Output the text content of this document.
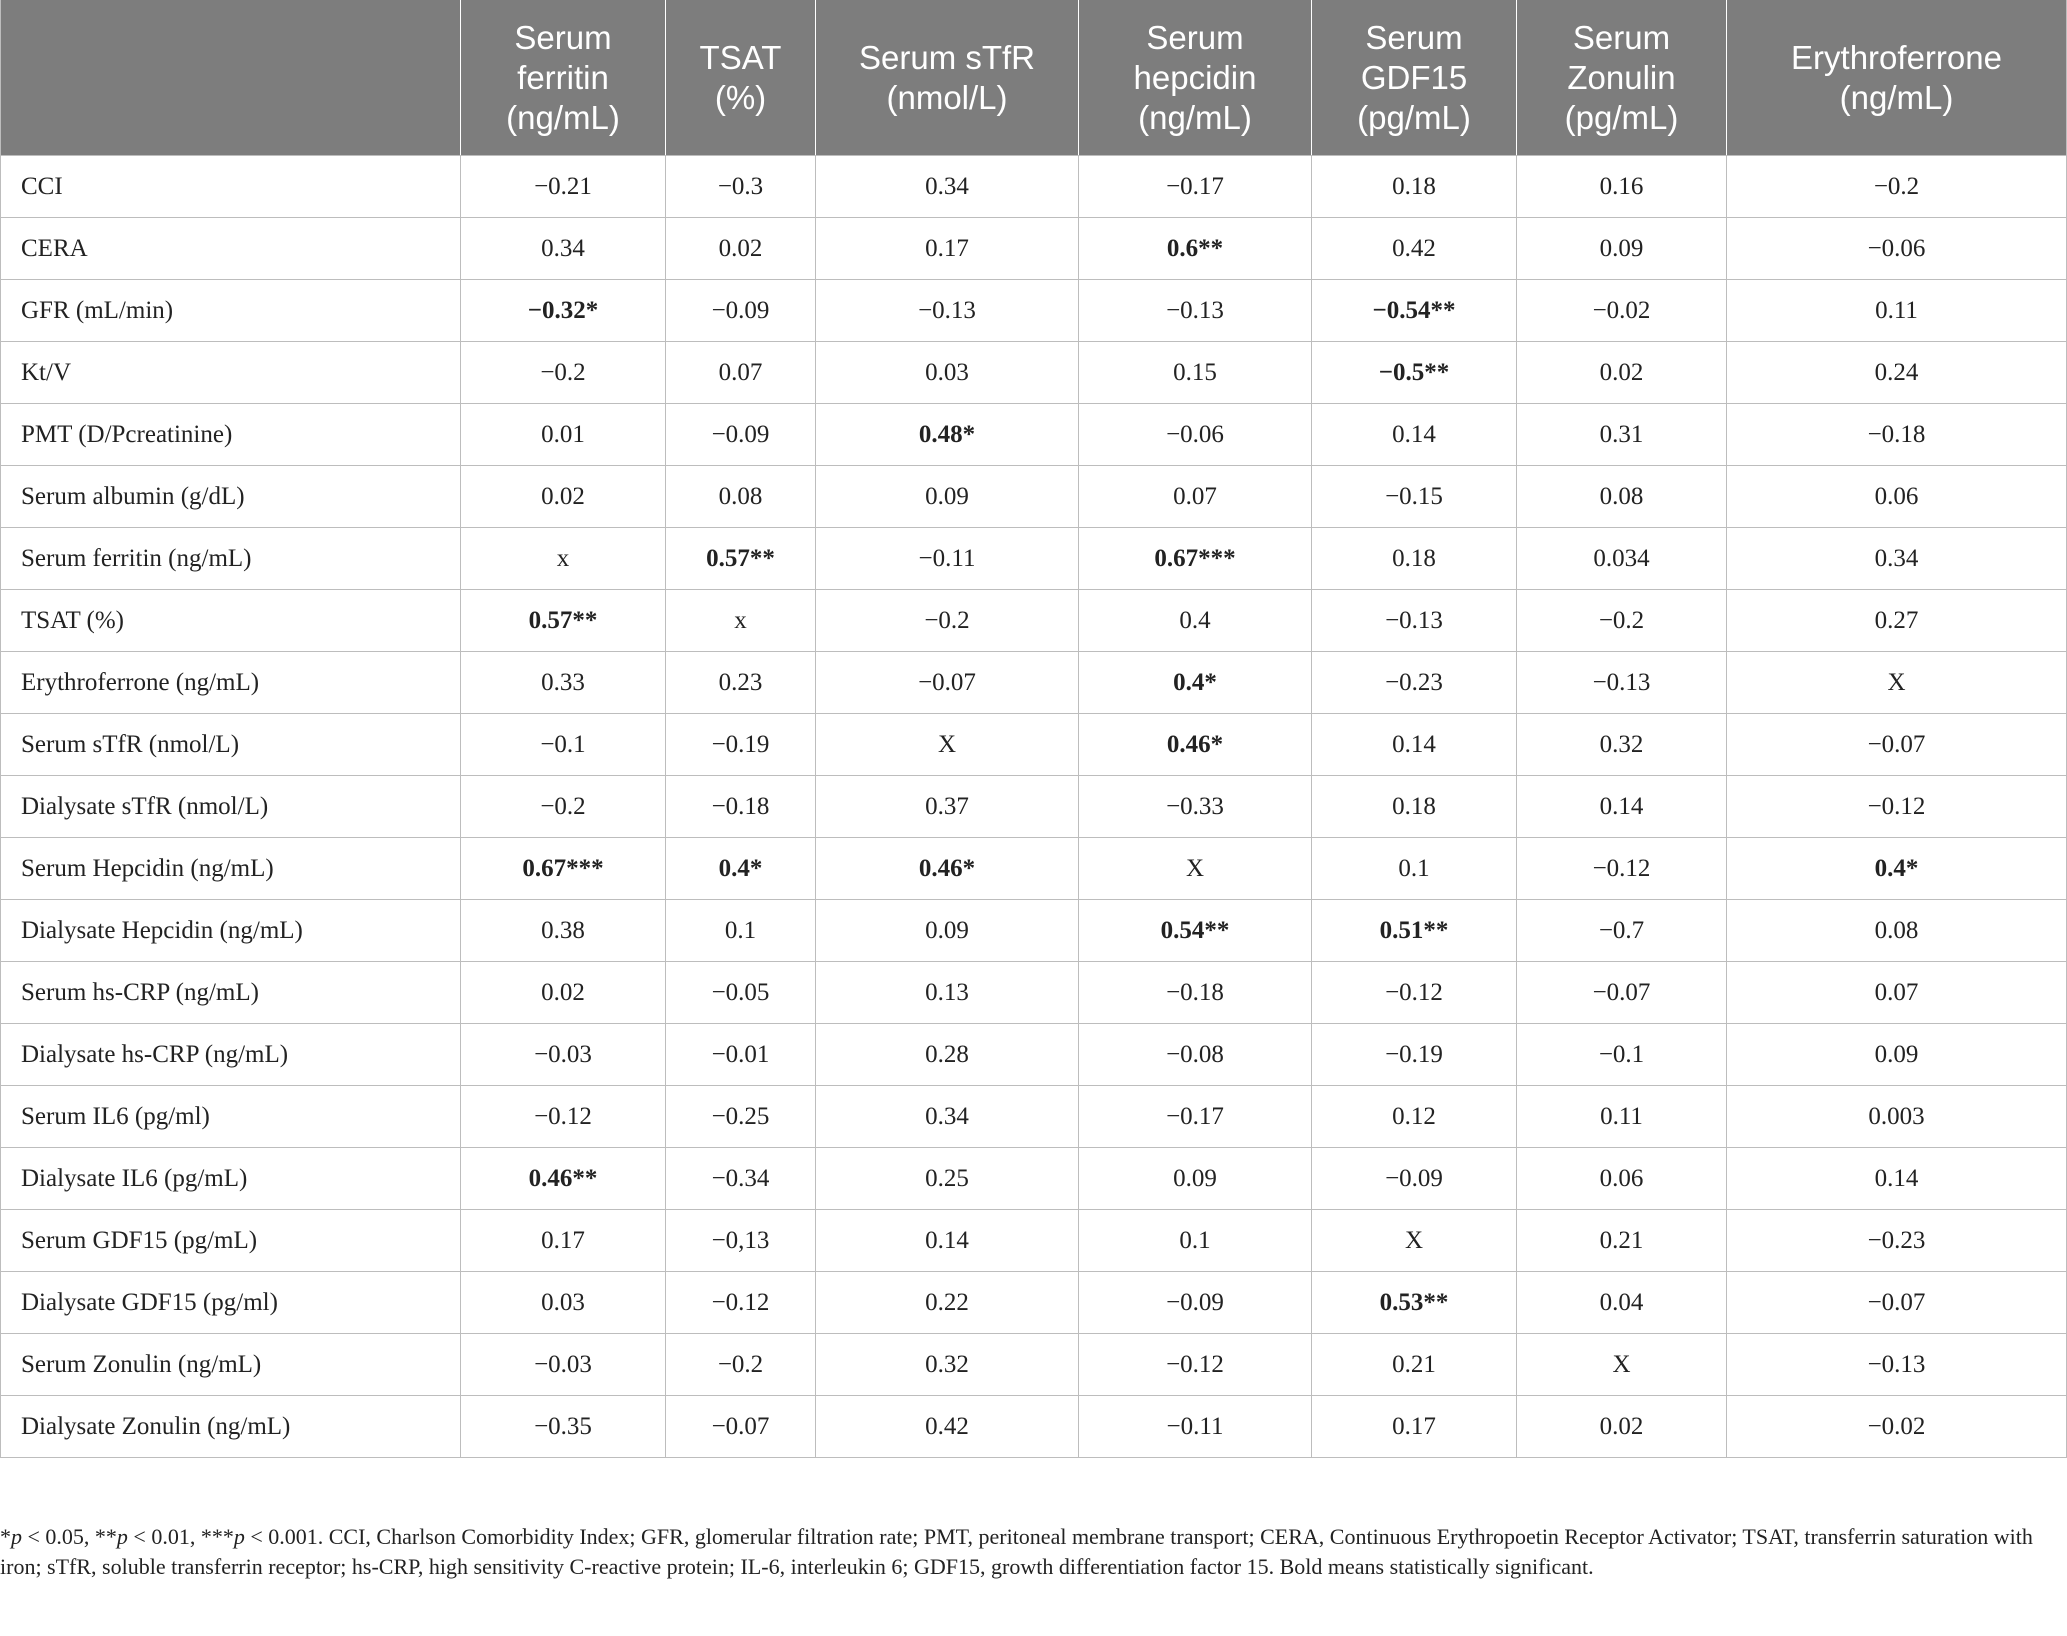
	Serum ferritin (ng/mL)	TSAT (%)	Serum sTfR (nmol/L)	Serum hepcidin (ng/mL)	Serum GDF15 (pg/mL)	Serum Zonulin (pg/mL)	Erythroferrone (ng/mL)
CCI	−0.21	−0.3	0.34	−0.17	0.18	0.16	−0.2
CERA	0.34	0.02	0.17	0.6**	0.42	0.09	−0.06
GFR (mL/min)	−0.32*	−0.09	−0.13	−0.13	−0.54**	−0.02	0.11
Kt/V	−0.2	0.07	0.03	0.15	−0.5**	0.02	0.24
PMT (D/Pcreatinine)	0.01	−0.09	0.48*	−0.06	0.14	0.31	−0.18
Serum albumin (g/dL)	0.02	0.08	0.09	0.07	−0.15	0.08	0.06
Serum ferritin (ng/mL)	x	0.57**	−0.11	0.67***	0.18	0.034	0.34
TSAT (%)	0.57**	x	−0.2	0.4	−0.13	−0.2	0.27
Erythroferrone (ng/mL)	0.33	0.23	−0.07	0.4*	−0.23	−0.13	X
Serum sTfR (nmol/L)	−0.1	−0.19	X	0.46*	0.14	0.32	−0.07
Dialysate sTfR (nmol/L)	−0.2	−0.18	0.37	−0.33	0.18	0.14	−0.12
Serum Hepcidin (ng/mL)	0.67***	0.4*	0.46*	X	0.1	−0.12	0.4*
Dialysate Hepcidin (ng/mL)	0.38	0.1	0.09	0.54**	0.51**	−0.7	0.08
Serum hs-CRP (ng/mL)	0.02	−0.05	0.13	−0.18	−0.12	−0.07	0.07
Dialysate hs-CRP (ng/mL)	−0.03	−0.01	0.28	−0.08	−0.19	−0.1	0.09
Serum IL6 (pg/ml)	−0.12	−0.25	0.34	−0.17	0.12	0.11	0.003
Dialysate IL6 (pg/mL)	0.46**	−0.34	0.25	0.09	−0.09	0.06	0.14
Serum GDF15 (pg/mL)	0.17	−0,13	0.14	0.1	X	0.21	−0.23
Dialysate GDF15 (pg/ml)	0.03	−0.12	0.22	−0.09	0.53**	0.04	−0.07
Serum Zonulin (ng/mL)	−0.03	−0.2	0.32	−0.12	0.21	X	−0.13
Dialysate Zonulin (ng/mL)	−0.35	−0.07	0.42	−0.11	0.17	0.02	−0.02
*p < 0.05, **p < 0.01, ***p < 0.001. CCI, Charlson Comorbidity Index; GFR, glomerular filtration rate; PMT, peritoneal membrane transport; CERA, Continuous Erythropoetin Receptor Activator; TSAT, transferrin saturation with iron; sTfR, soluble transferrin receptor; hs-CRP, high sensitivity C-reactive protein; IL-6, interleukin 6; GDF15, growth differentiation factor 15. Bold means statistically significant.
